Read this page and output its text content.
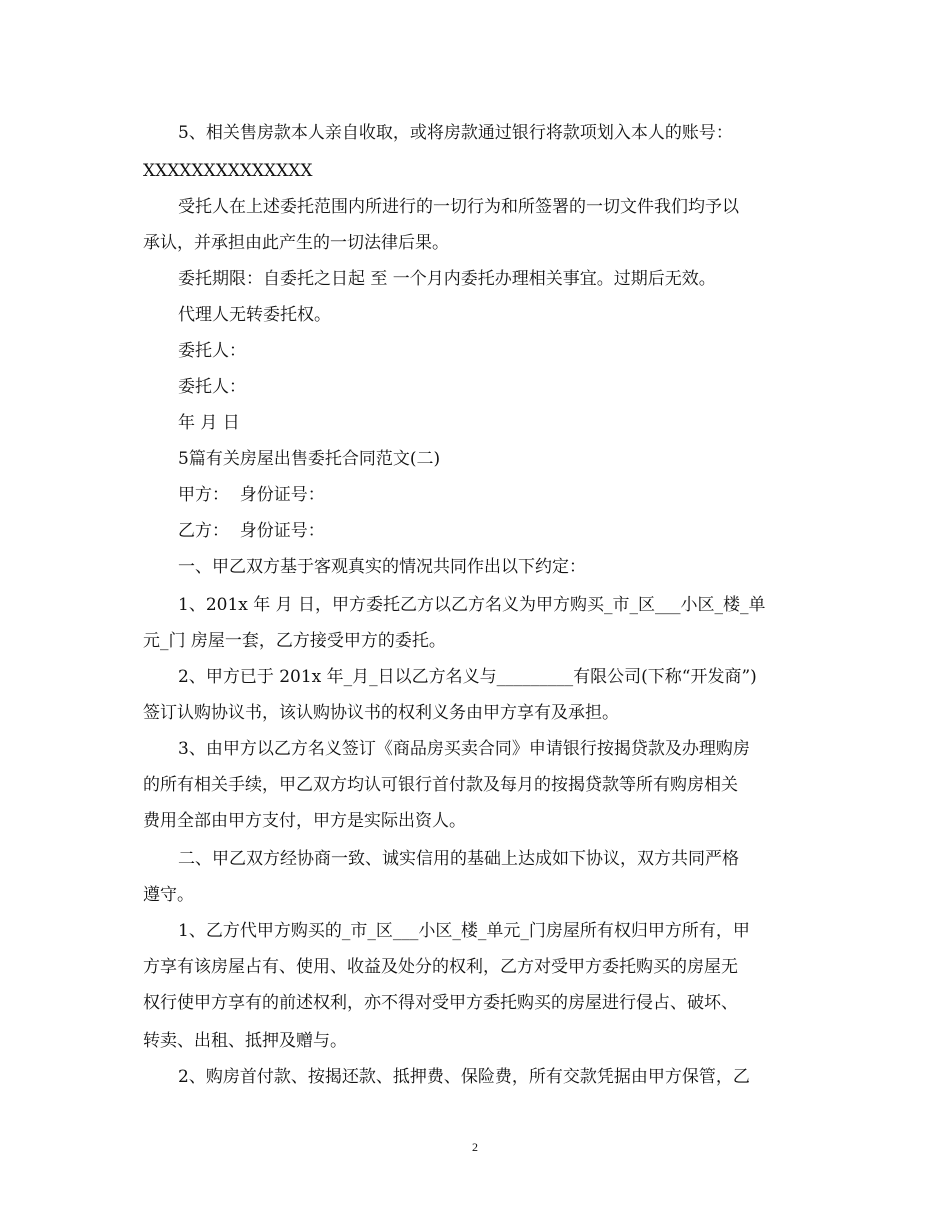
5、相关售房款本人亲自收取，或将房款通过银行将款项划入本人的账号：
XXXXXXXXXXXXXX
受托人在上述委托范围内所进行的一切行为和所签署的一切文件我们均予以
承认，并承担由此产生的一切法律后果。
委托期限：自委托之日起 至 一个月内委托办理相关事宜。过期后无效。
代理人无转委托权。
委托人：
委托人：
年 月 日
5篇有关房屋出售委托合同范文(二)
甲方：  身份证号：
乙方：  身份证号：
一、甲乙双方基于客观真实的情况共同作出以下约定：
1、201x 年 月 日，甲方委托乙方以乙方名义为甲方购买_市_区___小区_楼_单
元_门 房屋一套，乙方接受甲方的委托。
2、甲方已于 201x 年_月_日以乙方名义与_________有限公司(下称“开发商”)
签订认购协议书，该认购协议书的权利义务由甲方享有及承担。
3、由甲方以乙方名义签订《商品房买卖合同》申请银行按揭贷款及办理购房
的所有相关手续，甲乙双方均认可银行首付款及每月的按揭贷款等所有购房相关
费用全部由甲方支付，甲方是实际出资人。
二、甲乙双方经协商一致、诚实信用的基础上达成如下协议，双方共同严格
遵守。
1、乙方代甲方购买的_市_区___小区_楼_单元_门房屋所有权归甲方所有，甲
方享有该房屋占有、使用、收益及处分的权利，乙方对受甲方委托购买的房屋无
权行使甲方享有的前述权利，亦不得对受甲方委托购买的房屋进行侵占、破坏、
转卖、出租、抵押及赠与。
2、购房首付款、按揭还款、抵押费、保险费，所有交款凭据由甲方保管，乙
2
